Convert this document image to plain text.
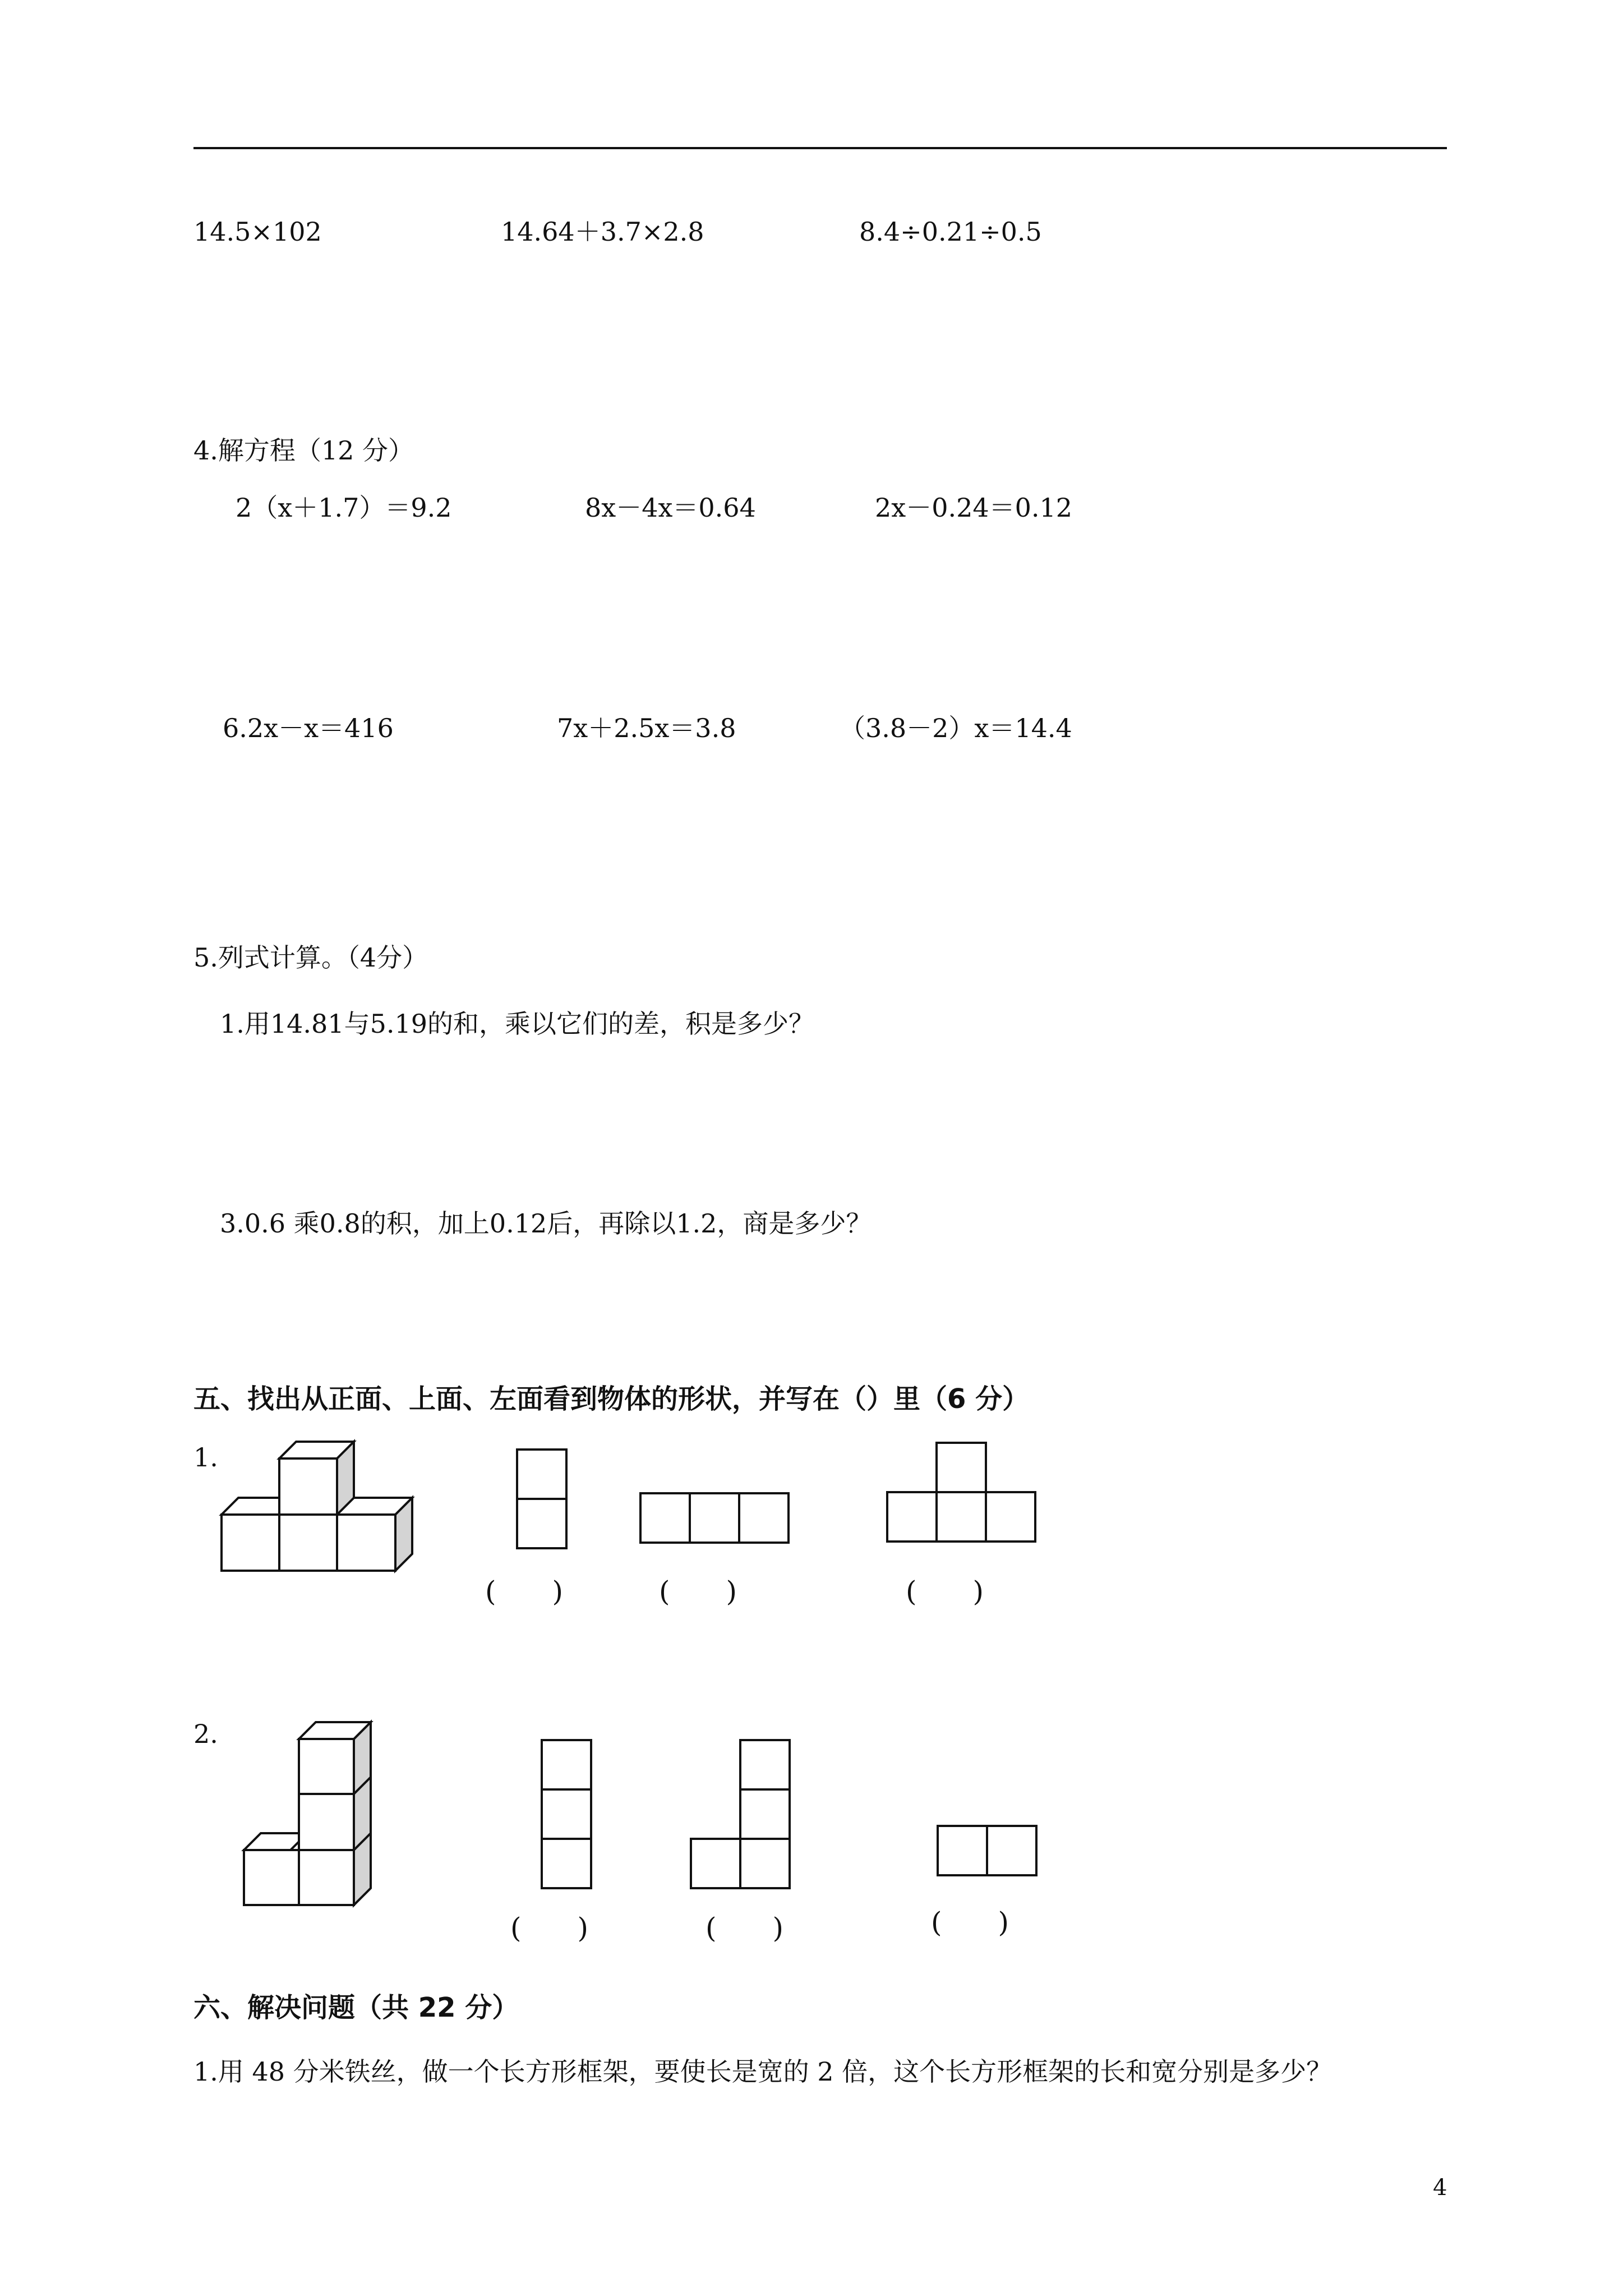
14.5×102	14.64＋3.7×2.8	8.4÷0.21÷0.5
4.解方程（12 分）
2（x＋1.7）＝9.2	8x－4x＝0.64	2x－0.24＝0.12
6.2x－x＝416	7x＋2.5x＝3.8	（3.8－2）x＝14.4
5.列式计算。（4分）
1.用14.81与5.19的和，乘以它们的差，积是多少？
3.0.6 乘0.8的积，加上0.12后，再除以1.2，商是多少？
五、找出从正面、上面、左面看到物体的形状，并写在（）里（6 分）
1.
(　　)	(　　)	(　　)
2.
(　　)	(　　)	(　　)
六、解决问题（共 22 分）
1.用 48 分米铁丝，做一个长方形框架，要使长是宽的 2 倍，这个长方形框架的长和宽分别是多少？
4
